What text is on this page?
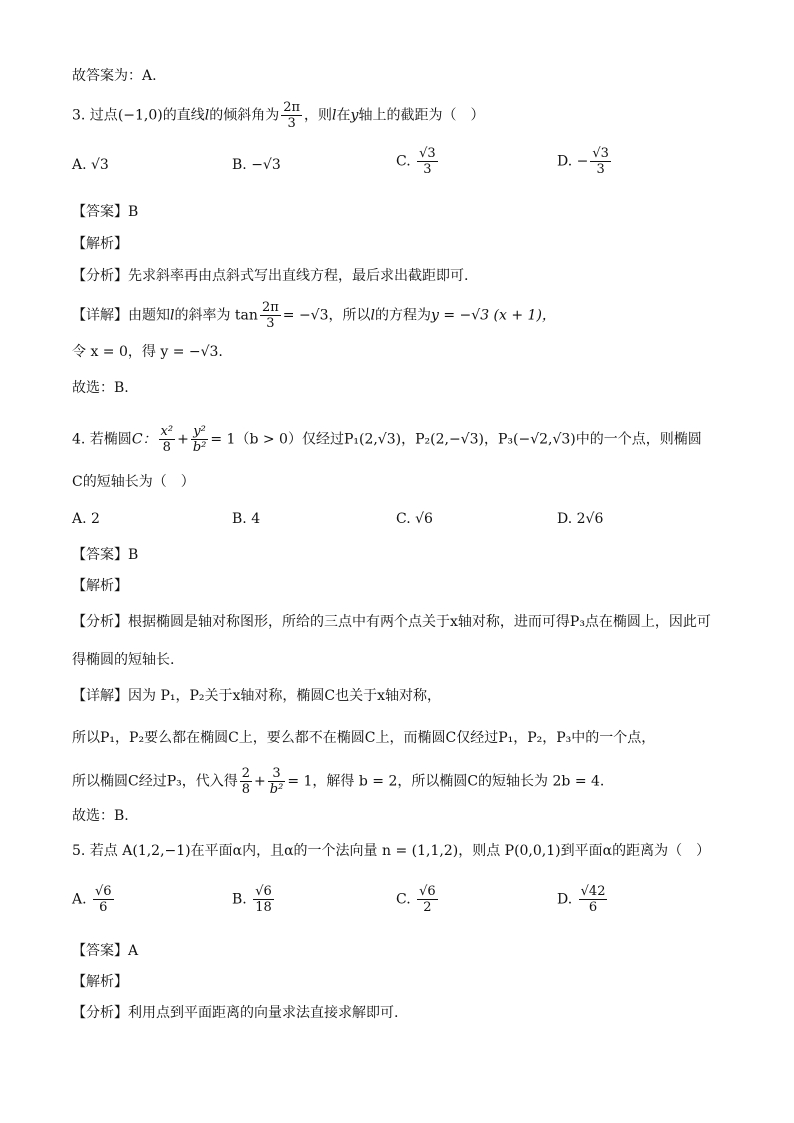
故答案为：A.
3. 过点(−1,0)的直线l的倾斜角为 $\frac{2\pi}{3}$ ，则l在y轴上的截距为（　）
A. √3	B. −√3	C. $\frac{√3}{3}$	D. − $\frac{√3}{3}$
【答案】B
【解析】
【分析】先求斜率再由点斜式写出直线方程，最后求出截距即可.
【详解】由题知l的斜率为 $\tan \frac{2\pi}{3} = -√3$，所以l的方程为y = −√3 (x + 1)，
令 x = 0，得 y = −√3.
故选：B.
4. 若椭圆C： $\frac{\text{x²}}{8} + \frac{\text{y²}}{\text{b²}} = 1(b > 0)$仅经过P₁(2,√3)，P₂(2,−√3)，P₃(−√2,√3)中的一个点，则椭圆
C的短轴长为（　）
A. 2	B. 4	C. √6	D. 2√6
【答案】B
【解析】
【分析】根据椭圆是轴对称图形，所给的三点中有两个点关于x轴对称，进而可得P₃点在椭圆上，因此可
得椭圆的短轴长.
【详解】因为 P₁，P₂关于x轴对称，椭圆C也关于x轴对称，
所以P₁，P₂要么都在椭圆C上，要么都不在椭圆C上，而椭圆C仅经过P₁，P₂，P₃中的一个点，
所以椭圆C经过P₃，代入得 $\frac{2}{8} + \frac{3}{\text{b²}} = 1$，解得 b = 2，所以椭圆C的短轴长为 2b = 4.
故选：B.
5. 若点 A(1,2,−1)在平面α内，且α的一个法向量 n = (1,1,2)，则点 P(0,0,1)到平面α的距离为（　）
A. $\frac{√6}{6}$	B. $\frac{√6}{18}$	C. $\frac{√6}{2}$	D. $\frac{√42}{6}$
【答案】A
【解析】
【分析】利用点到平面距离的向量求法直接求解即可.
